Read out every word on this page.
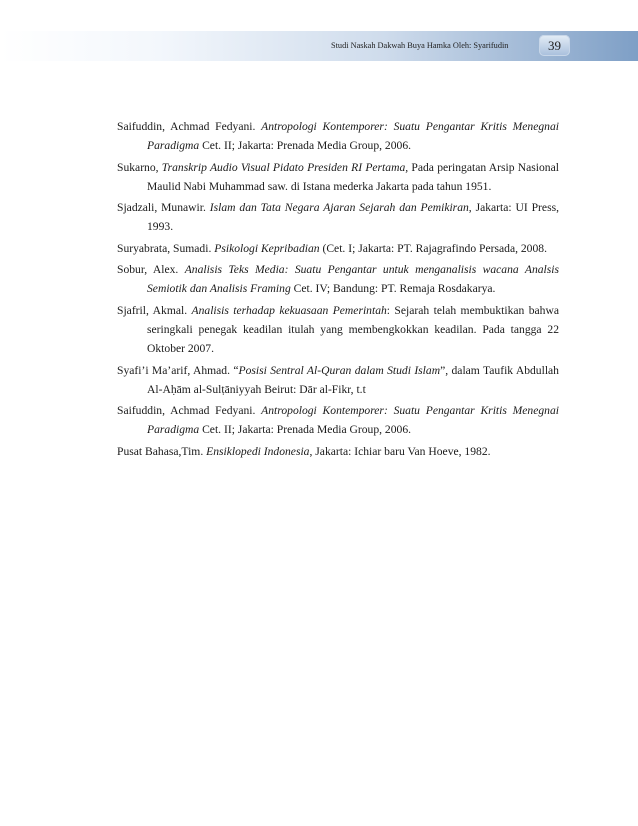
Studi Naskah Dakwah Buya Hamka Oleh: Syarifudin	39
Saifuddin, Achmad Fedyani. Antropologi Kontemporer: Suatu Pengantar Kritis Menegnai Paradigma Cet. II; Jakarta: Prenada Media Group, 2006.
Sukarno, Transkrip Audio Visual Pidato Presiden RI Pertama, Pada peringatan Arsip Nasional Maulid Nabi Muhammad saw. di Istana mederka Jakarta pada tahun 1951.
Sjadzali, Munawir. Islam dan Tata Negara Ajaran Sejarah dan Pemikiran, Jakarta: UI Press, 1993.
Suryabrata, Sumadi. Psikologi Kepribadian (Cet. I; Jakarta: PT. Rajagrafindo Persada, 2008.
Sobur, Alex. Analisis Teks Media: Suatu Pengantar untuk menganalisis wacana Analsis Semiotik dan Analisis Framing Cet. IV; Bandung: PT. Remaja Rosdakarya.
Sjafril, Akmal. Analisis terhadap kekuasaan Pemerintah: Sejarah telah membuktikan bahwa seringkali penegak keadilan itulah yang membengkokkan keadilan. Pada tangga 22 Oktober 2007.
Syafi’i Ma’arif, Ahmad. “Posisi Sentral Al-Quran dalam Studi Islam”, dalam Taufik Abdullah Al-Aḥām al-Sulṭāniyyah Beirut: Dār al-Fikr, t.t
Saifuddin, Achmad Fedyani. Antropologi Kontemporer: Suatu Pengantar Kritis Menegnai Paradigma Cet. II; Jakarta: Prenada Media Group, 2006.
Pusat Bahasa,Tim. Ensiklopedi Indonesia, Jakarta: Ichiar baru Van Hoeve, 1982.
